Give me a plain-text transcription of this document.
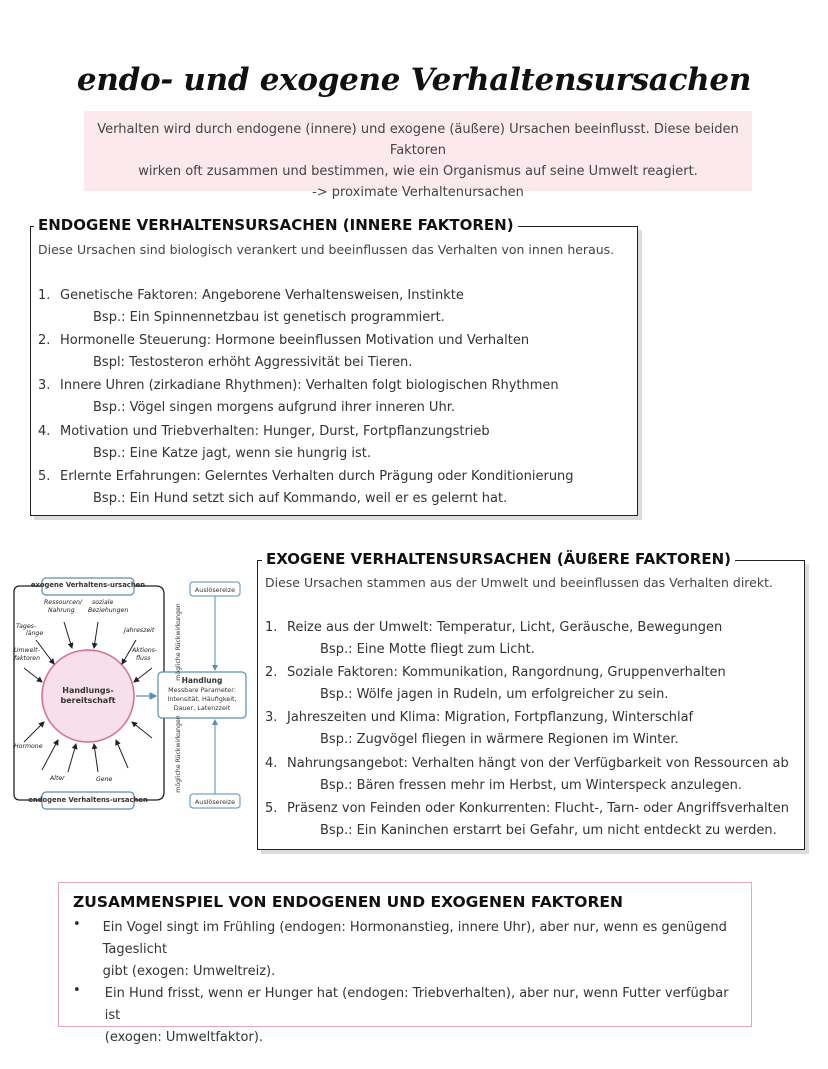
endo- und exogene Verhaltensursachen
Verhalten wird durch endogene (innere) und exogene (äußere) Ursachen beeinflusst. Diese beiden Faktoren
wirken oft zusammen und bestimmen, wie ein Organismus auf seine Umwelt reagiert.
-> proximate Verhaltenursachen
ENDOGENE VERHALTENSURSACHEN (INNERE FAKTOREN)
Diese Ursachen sind biologisch verankert und beeinflussen das Verhalten von innen heraus.
1. Genetische Faktoren: Angeborene Verhaltensweisen, Instinkte
Bsp.: Ein Spinnennetzbau ist genetisch programmiert.
2. Hormonelle Steuerung: Hormone beeinflussen Motivation und Verhalten
Bspl: Testosteron erhöht Aggressivität bei Tieren.
3. Innere Uhren (zirkadiane Rhythmen): Verhalten folgt biologischen Rhythmen
Bsp.: Vögel singen morgens aufgrund ihrer inneren Uhr.
4. Motivation und Triebverhalten: Hunger, Durst, Fortpflanzungstrieb
Bsp.: Eine Katze jagt, wenn sie hungrig ist.
5. Erlernte Erfahrungen: Gelerntes Verhalten durch Prägung oder Konditionierung
Bsp.: Ein Hund setzt sich auf Kommando, weil er es gelernt hat.
exogene Verhaltens-ursachen
endogene Verhaltens-ursachen
Handlungs-
bereitschaft
Ressourcen/
Nahrung
soziale
Beziehungen
Tages-
länge	Jahreszeit
Umwelt-
faktoren
Aktions-
fluss
Hormone
Alter	Gene
Handlung
Messbare Parameter:
Intensität, Häufigkeit,
Dauer, Latenzzeit
Auslösereize
Auslösereize
mögliche Rückwirkungen
mögliche Rückwirkungen
EXOGENE VERHALTENSURSACHEN (ÄUßERE FAKTOREN)
Diese Ursachen stammen aus der Umwelt und beeinflussen das Verhalten direkt.
1. Reize aus der Umwelt: Temperatur, Licht, Geräusche, Bewegungen
Bsp.: Eine Motte fliegt zum Licht.
2. Soziale Faktoren: Kommunikation, Rangordnung, Gruppenverhalten
Bsp.: Wölfe jagen in Rudeln, um erfolgreicher zu sein.
3. Jahreszeiten und Klima: Migration, Fortpflanzung, Winterschlaf
Bsp.: Zugvögel fliegen in wärmere Regionen im Winter.
4. Nahrungsangebot: Verhalten hängt von der Verfügbarkeit von Ressourcen ab
Bsp.: Bären fressen mehr im Herbst, um Winterspeck anzulegen.
5. Präsenz von Feinden oder Konkurrenten: Flucht-, Tarn- oder Angriffsverhalten
Bsp.: Ein Kaninchen erstarrt bei Gefahr, um nicht entdeckt zu werden.
ZUSAMMENSPIEL VON ENDOGENEN UND EXOGENEN FAKTOREN
•	Ein Vogel singt im Frühling (endogen: Hormonanstieg, innere Uhr), aber nur, wenn es genügend Tageslicht
gibt (exogen: Umweltreiz).
•	Ein Hund frisst, wenn er Hunger hat (endogen: Triebverhalten), aber nur, wenn Futter verfügbar ist
(exogen: Umweltfaktor).
